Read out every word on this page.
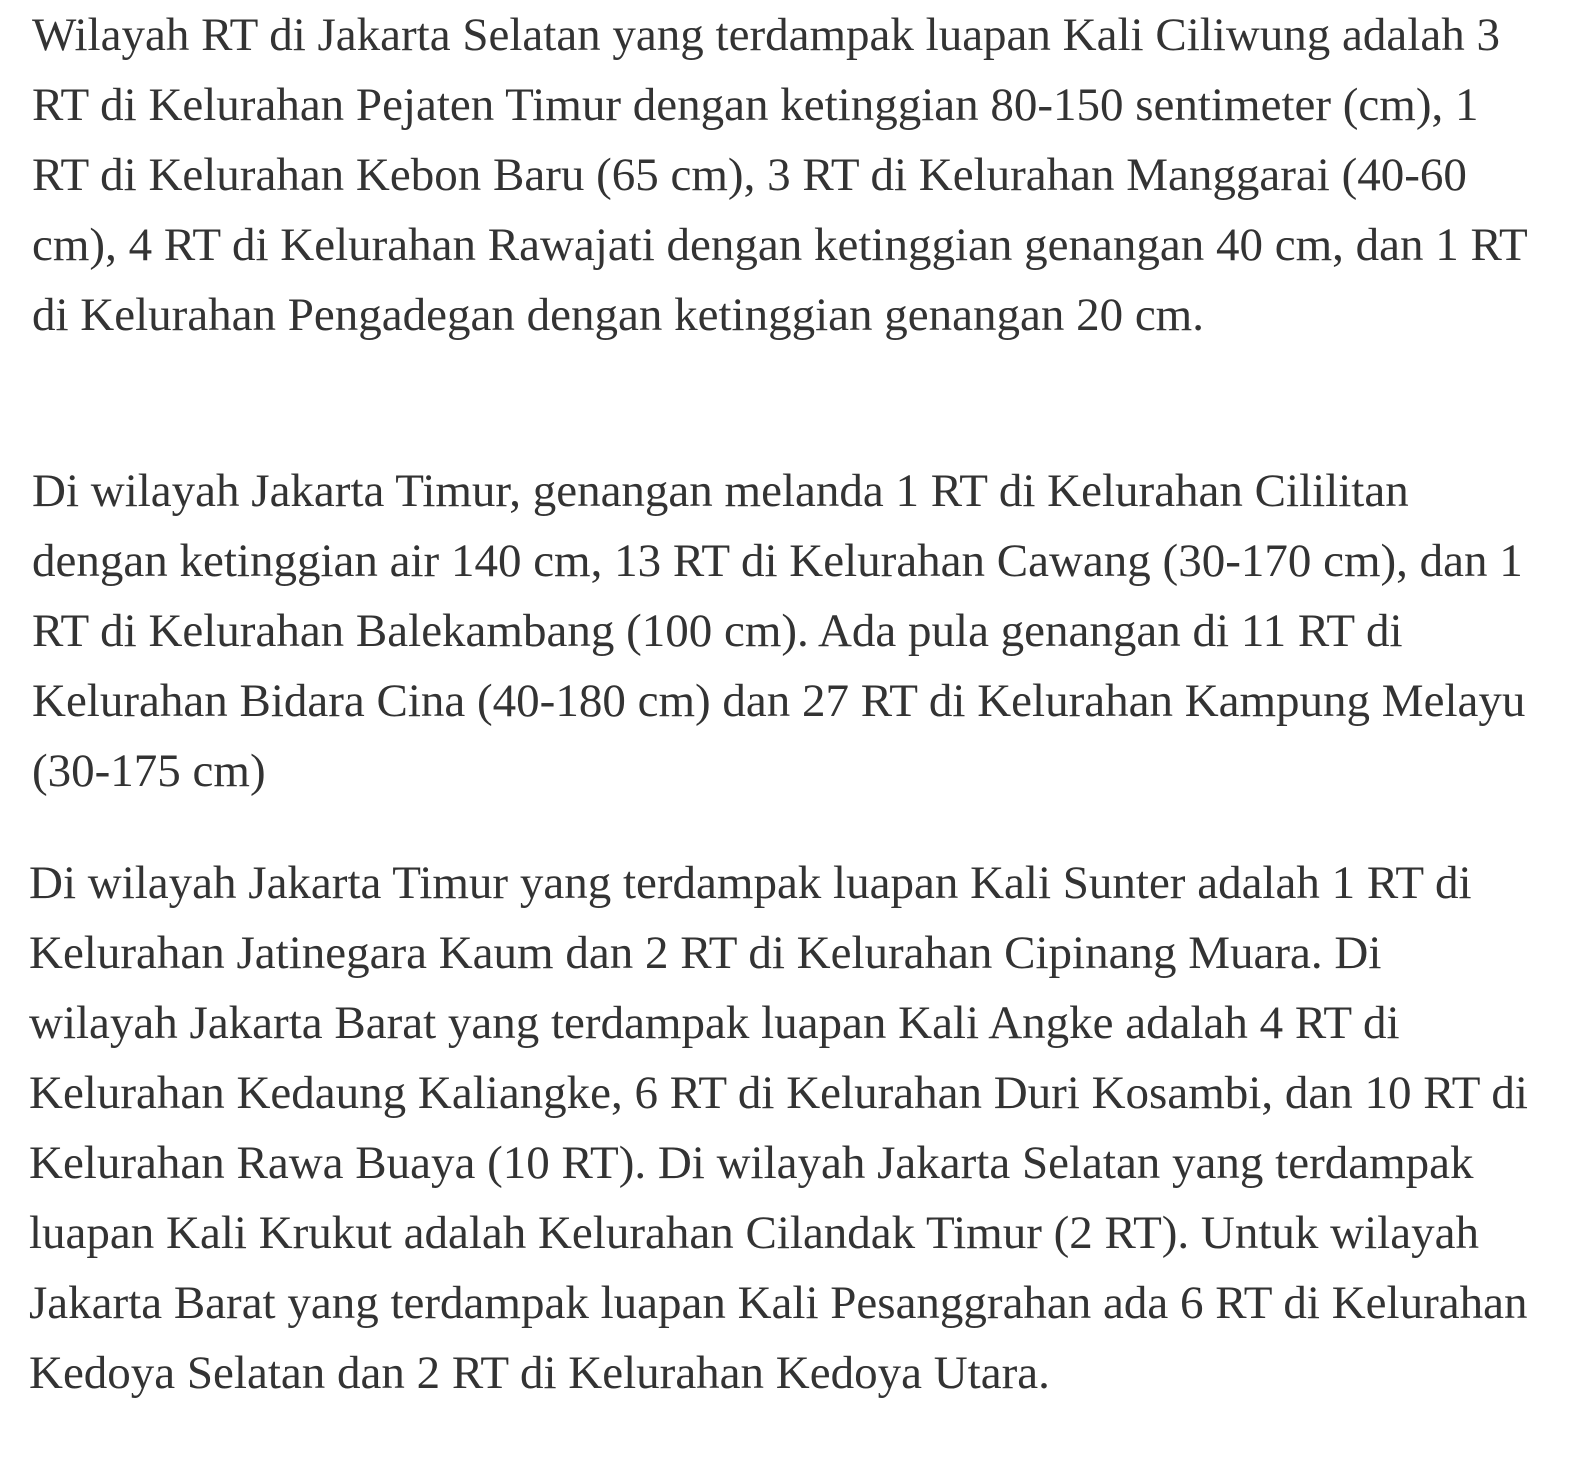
Wilayah RT di Jakarta Selatan yang terdampak luapan Kali Ciliwung adalah 3 RT di Kelurahan Pejaten Timur dengan ketinggian 80-150 sentimeter (cm), 1 RT di Kelurahan Kebon Baru (65 cm), 3 RT di Kelurahan Manggarai (40-60 cm), 4 RT di Kelurahan Rawajati dengan ketinggian genangan 40 cm, dan 1 RT di Kelurahan Pengadegan dengan ketinggian genangan 20 cm.

Di wilayah Jakarta Timur, genangan melanda 1 RT di Kelurahan Cililitan dengan ketinggian air 140 cm, 13 RT di Kelurahan Cawang (30-170 cm), dan 1 RT di Kelurahan Balekambang (100 cm). Ada pula genangan di 11 RT di Kelurahan Bidara Cina (40-180 cm) dan 27 RT di Kelurahan Kampung Melayu (30-175 cm)

Di wilayah Jakarta Timur yang terdampak luapan Kali Sunter adalah 1 RT di Kelurahan Jatinegara Kaum dan 2 RT di Kelurahan Cipinang Muara. Di wilayah Jakarta Barat yang terdampak luapan Kali Angke adalah 4 RT di Kelurahan Kedaung Kaliangke, 6 RT di Kelurahan Duri Kosambi, dan 10 RT di Kelurahan Rawa Buaya (10 RT). Di wilayah Jakarta Selatan yang terdampak luapan Kali Krukut adalah Kelurahan Cilandak Timur (2 RT). Untuk wilayah Jakarta Barat yang terdampak luapan Kali Pesanggrahan ada 6 RT di Kelurahan Kedoya Selatan dan 2 RT di Kelurahan Kedoya Utara.
